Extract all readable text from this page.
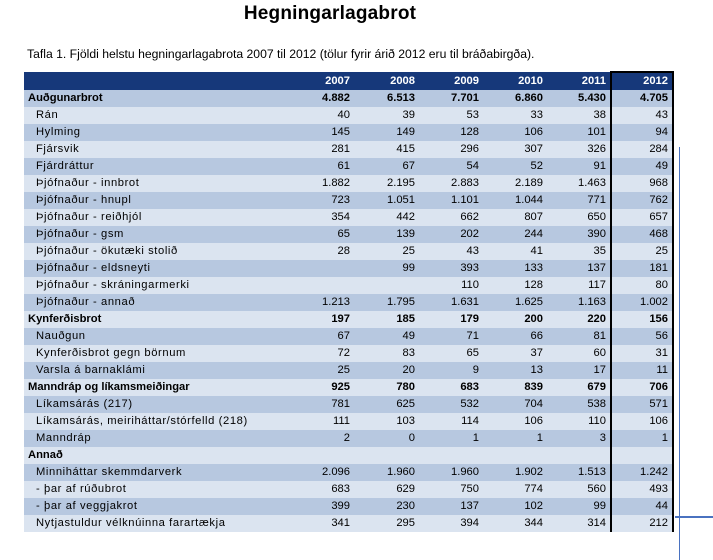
Hegningarlagabrot
Tafla 1. Fjöldi helstu hegningarlagabrota 2007 til 2012 (tölur fyrir árið 2012 eru til bráðabirgða).
	2007	2008	2009	2010	2011	2012
Auðgunarbrot	4.882	6.513	7.701	6.860	5.430	4.705
Rán	40	39	53	33	38	43
Hylming	145	149	128	106	101	94
Fjársvik	281	415	296	307	326	284
Fjárdráttur	61	67	54	52	91	49
Þjófnaður - innbrot	1.882	2.195	2.883	2.189	1.463	968
Þjófnaður - hnupl	723	1.051	1.101	1.044	771	762
Þjófnaður - reiðhjól	354	442	662	807	650	657
Þjófnaður - gsm	65	139	202	244	390	468
Þjófnaður - ökutæki stolið	28	25	43	41	35	25
Þjófnaður - eldsneyti		99	393	133	137	181
Þjófnaður - skráningarmerki			110	128	117	80
Þjófnaður - annað	1.213	1.795	1.631	1.625	1.163	1.002
Kynferðisbrot	197	185	179	200	220	156
Nauðgun	67	49	71	66	81	56
Kynferðisbrot gegn börnum	72	83	65	37	60	31
Varsla á barnaklámi	25	20	9	13	17	11
Manndráp og líkamsmeiðingar	925	780	683	839	679	706
Líkamsárás (217)	781	625	532	704	538	571
Líkamsárás, meiriháttar/stórfelld (218)	111	103	114	106	110	106
Manndráp	2	0	1	1	3	1
Annað						
Minniháttar skemmdarverk	2.096	1.960	1.960	1.902	1.513	1.242
- þar af rúðubrot	683	629	750	774	560	493
- þar af veggjakrot	399	230	137	102	99	44
Nytjastuldur vélknúinna farartækja	341	295	394	344	314	212
